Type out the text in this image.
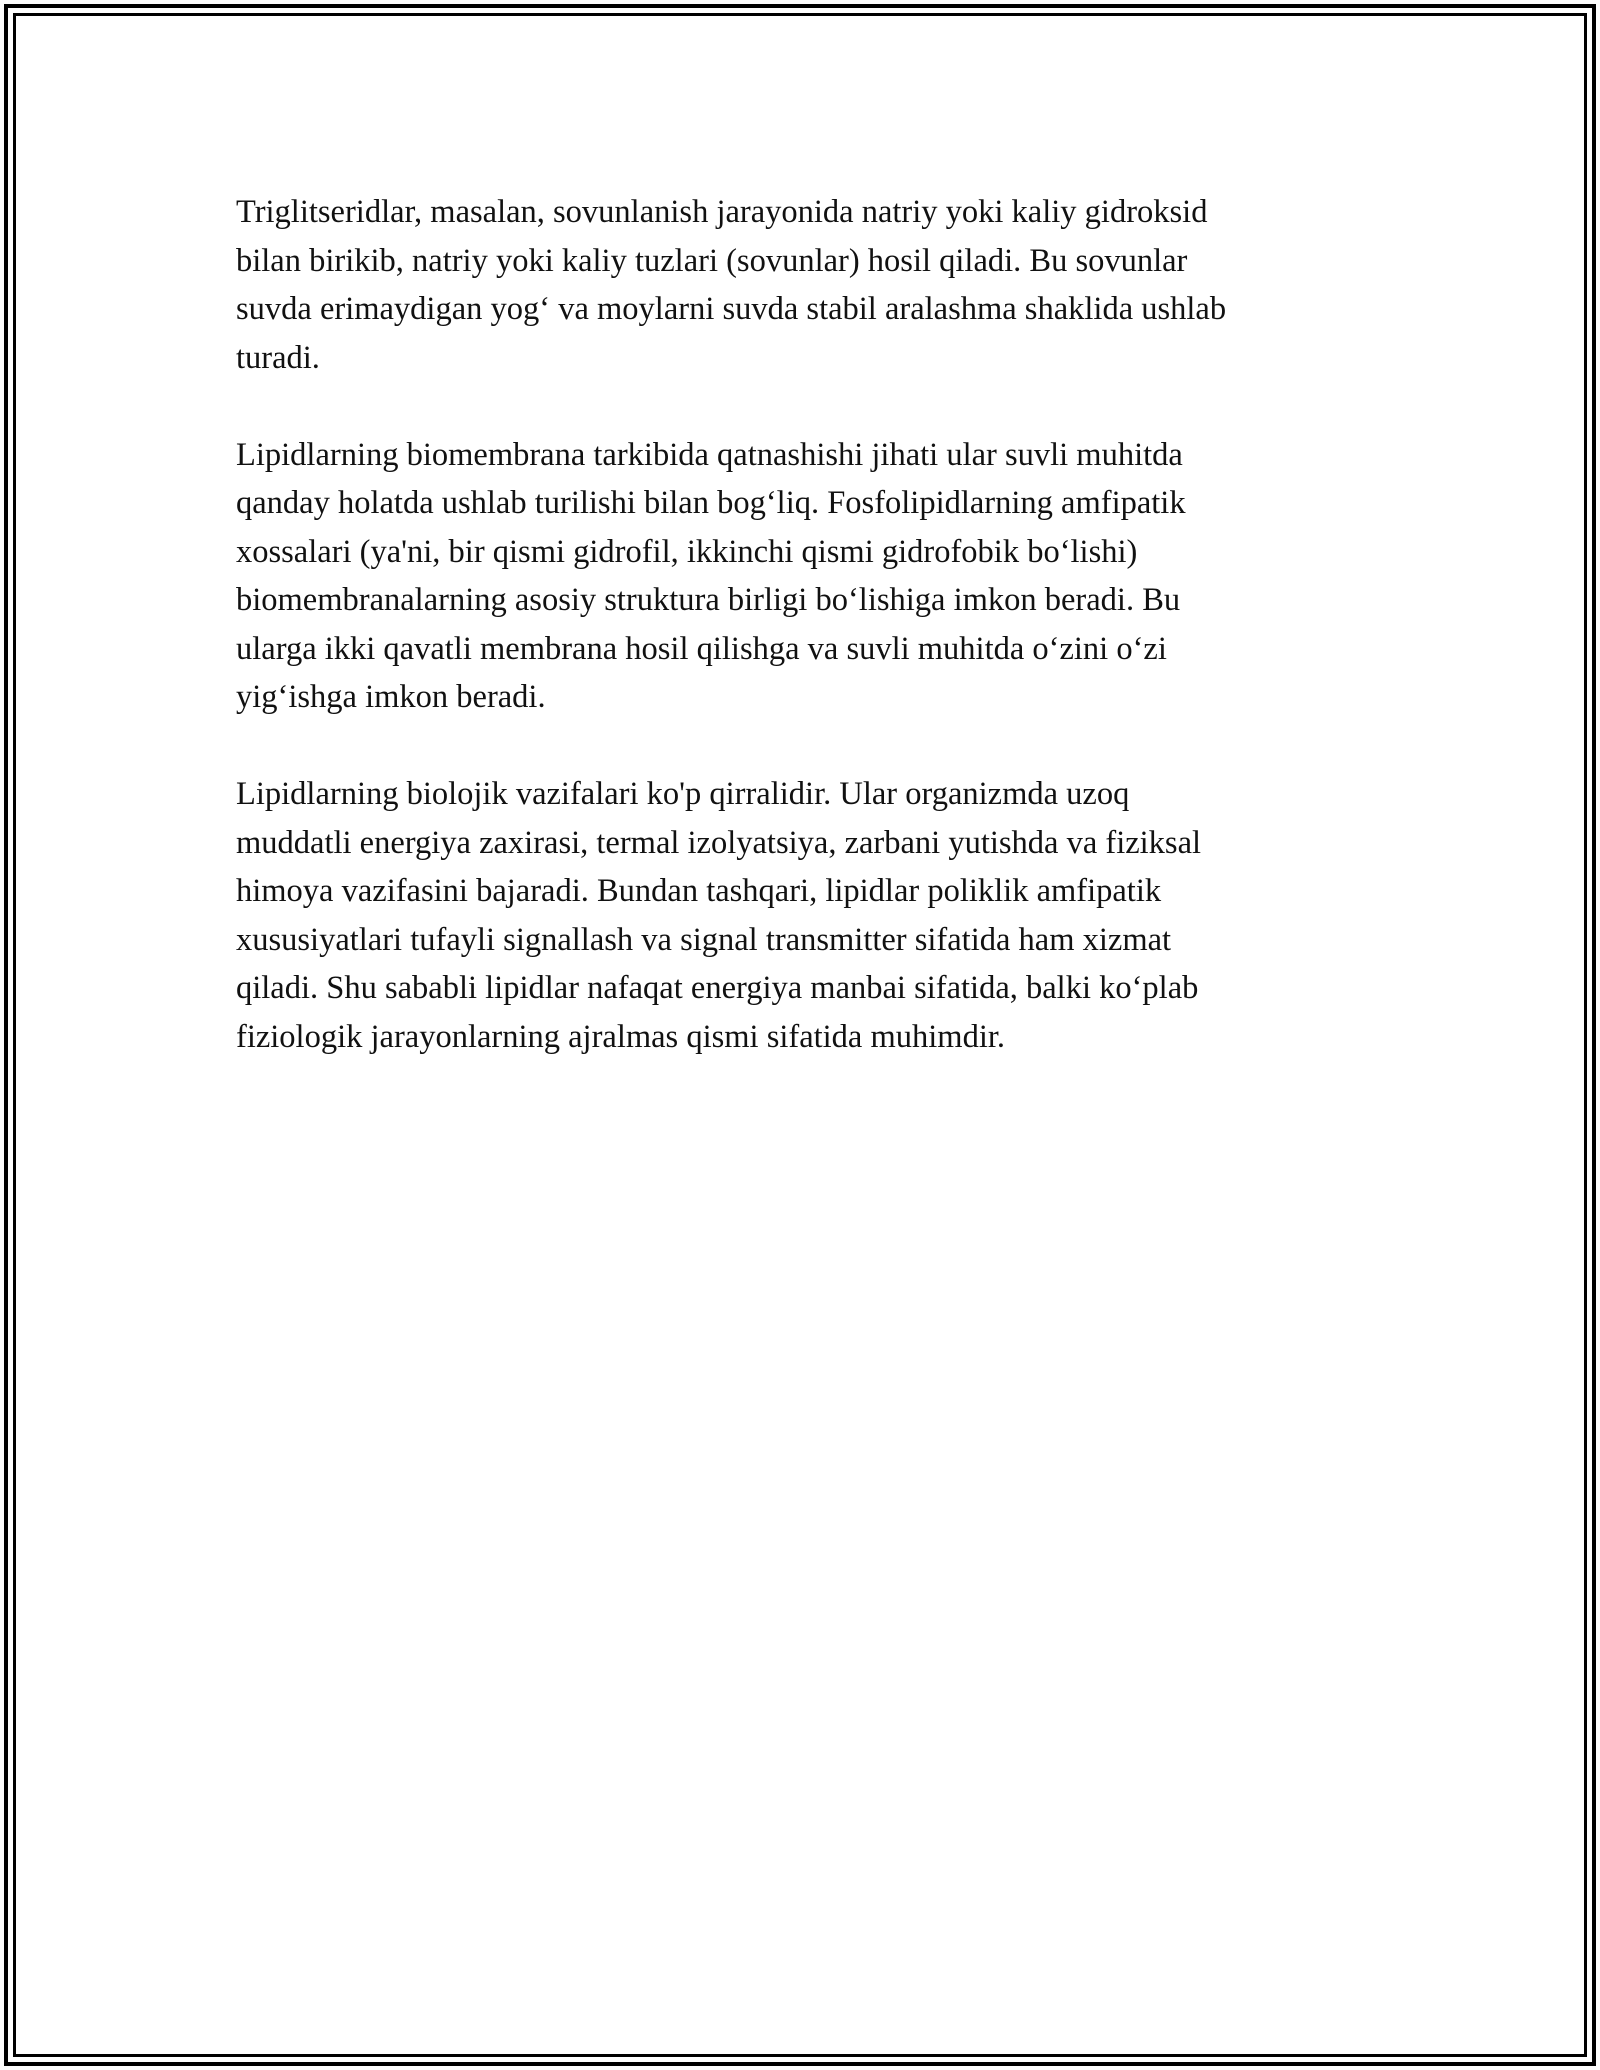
Triglitseridlar, masalan, sovunlanish jarayonida natriy yoki kaliy gidroksid
bilan birikib, natriy yoki kaliy tuzlari (sovunlar) hosil qiladi. Bu sovunlar
suvda erimaydigan yog‘ va moylarni suvda stabil aralashma shaklida ushlab
turadi.

Lipidlarning biomembrana tarkibida qatnashishi jihati ular suvli muhitda
qanday holatda ushlab turilishi bilan bog‘liq. Fosfolipidlarning amfipatik
xossalari (ya'ni, bir qismi gidrofil, ikkinchi qismi gidrofobik bo‘lishi)
biomembranalarning asosiy struktura birligi bo‘lishiga imkon beradi. Bu
ularga ikki qavatli membrana hosil qilishga va suvli muhitda o‘zini o‘zi
yig‘ishga imkon beradi.

Lipidlarning biolojik vazifalari ko'p qirralidir. Ular organizmda uzoq
muddatli energiya zaxirasi, termal izolyatsiya, zarbani yutishda va fiziksal
himoya vazifasini bajaradi. Bundan tashqari, lipidlar poliklik amfipatik
xususiyatlari tufayli signallash va signal transmitter sifatida ham xizmat
qiladi. Shu sababli lipidlar nafaqat energiya manbai sifatida, balki ko‘plab
fiziologik jarayonlarning ajralmas qismi sifatida muhimdir.
